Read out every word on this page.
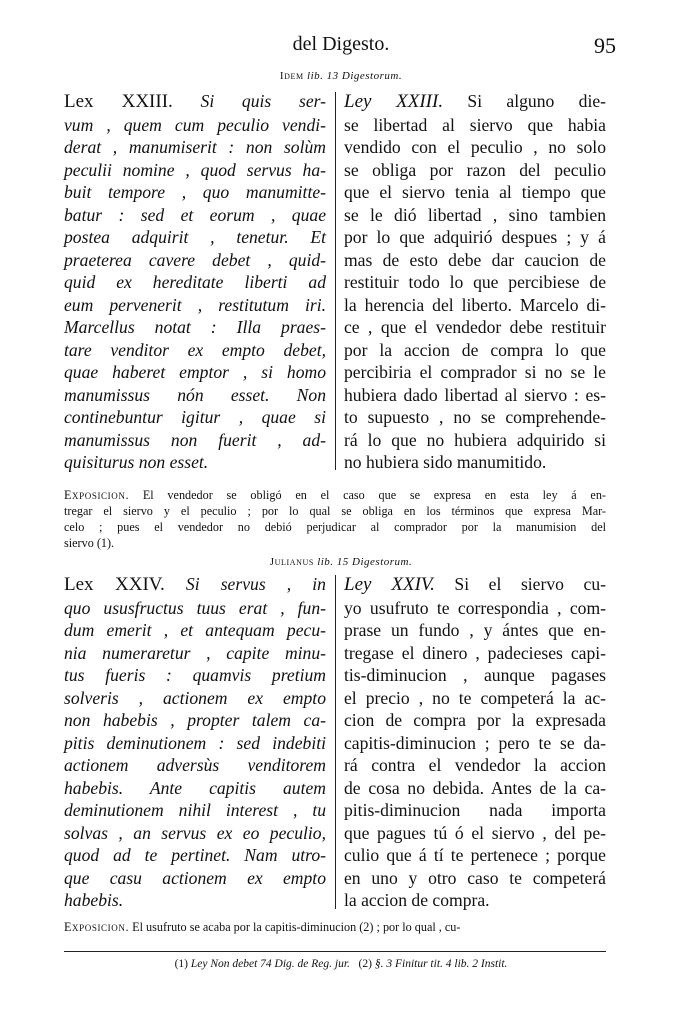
del Digesto.	95
Idem lib. 13 Digestorum.
Lex XXIII. Si quis ser-
vum , quem cum peculio vendi-
derat , manumiserit : non solùm
peculii nomine , quod servus ha-
buit tempore , quo manumitte-
batur : sed et eorum , quae
postea adquirit , tenetur. Et
praeterea cavere debet , quid-
quid ex hereditate liberti ad
eum pervenerit , restitutum iri.
Marcellus notat : Illa praes-
tare venditor ex empto debet,
quae haberet emptor , si homo
manumissus nón esset. Non
continebuntur igitur , quae si
manumissus non fuerit , ad-
quisiturus non esset.
Ley XXIII. Si alguno die-
se libertad al siervo que habia
vendido con el peculio , no solo
se obliga por razon del peculio
que el siervo tenia al tiempo que
se le dió libertad , sino tambien
por lo que adquirió despues ; y á
mas de esto debe dar caucion de
restituir todo lo que percibiese de
la herencia del liberto. Marcelo di-
ce , que el vendedor debe restituir
por la accion de compra lo que
percibiria el comprador si no se le
hubiera dado libertad al siervo : es-
to supuesto , no se comprehende-
rá lo que no hubiera adquirido si
no hubiera sido manumitido.
Exposicion. El vendedor se obligó en el caso que se expresa en esta ley á en-
tregar el siervo y el peculio ; por lo qual se obliga en los términos que expresa Mar-
celo ; pues el vendedor no debió perjudicar al comprador por la manumision del
siervo (1).
Julianus lib. 15 Digestorum.
Lex XXIV. Si servus , in
quo ususfructus tuus erat , fun-
dum emerit , et antequam pecu-
nia numeraretur , capite minu-
tus fueris : quamvis pretium
solveris , actionem ex empto
non habebis , propter talem ca-
pitis deminutionem : sed indebiti
actionem adversùs venditorem
habebis. Ante capitis autem
deminutionem nihil interest , tu
solvas , an servus ex eo peculio,
quod ad te pertinet. Nam utro-
que casu actionem ex empto
habebis.
Ley XXIV. Si el siervo cu-
yo usufruto te correspondia , com-
prase un fundo , y ántes que en-
tregase el dinero , padecieses capi-
tis-diminucion , aunque pagases
el precio , no te competerá la ac-
cion de compra por la expresada
capitis-diminucion ; pero te se da-
rá contra el vendedor la accion
de cosa no debida. Antes de la ca-
pitis-diminucion nada importa
que pagues tú ó el siervo , del pe-
culio que á tí te pertenece ; porque
en uno y otro caso te competerá
la accion de compra.
Exposicion. El usufruto se acaba por la capitis-diminucion (2) ; por lo qual , cu-
(1) Ley Non debet 74 Dig. de Reg. jur. (2) §. 3 Finitur tit. 4 lib. 2 Instit.
